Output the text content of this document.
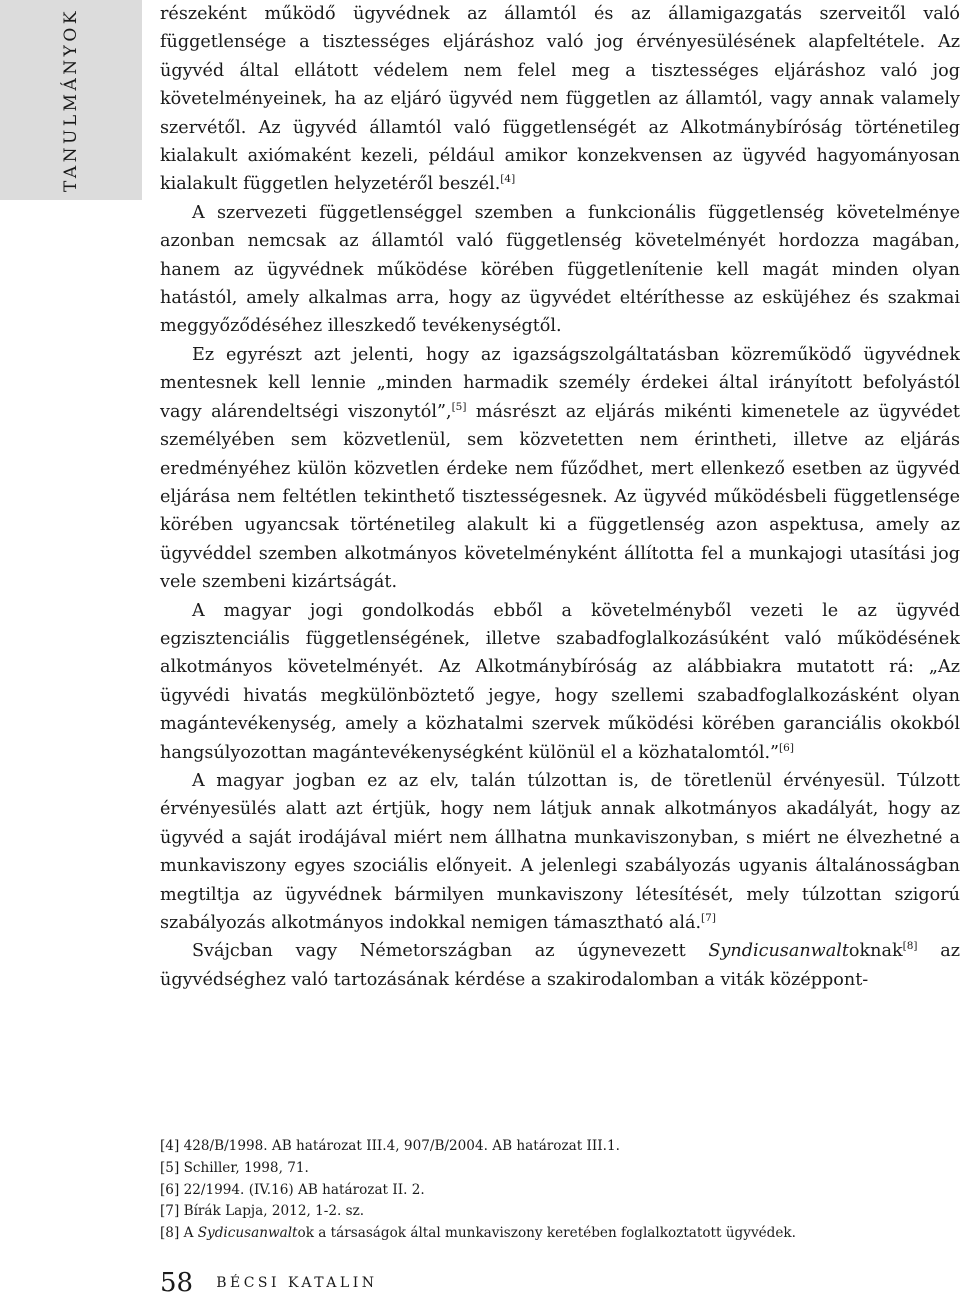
TANULMÁNYOK	részeként működő ügyvédnek az államtól és az államigazgatás szerveitől való függetlensége a tisztességes eljáráshoz való jog érvényesülésének alapfeltétele. Az ügyvéd által ellátott védelem nem felel meg a tisztességes eljáráshoz való jog követelményeinek, ha az eljáró ügyvéd nem független az államtól, vagy annak valamely szervétől. Az ügyvéd államtól való függetlenségét az Alkotmánybíróság történetileg kialakult axiómaként kezeli, például amikor konzekvensen az ügyvéd hagyományosan kialakult független helyzetéről beszél.[4]

A szervezeti függetlenséggel szemben a funkcionális függetlenség követelménye azonban nemcsak az államtól való függetlenség követelményét hordozza magában, hanem az ügyvédnek működése körében függetlenítenie kell magát minden olyan hatástól, amely alkalmas arra, hogy az ügyvédet eltéríthesse az esküjéhez és szakmai meggyőződéséhez illeszkedő tevékenységtől.

Ez egyrészt azt jelenti, hogy az igazságszolgáltatásban közreműködő ügyvédnek mentesnek kell lennie „minden harmadik személy érdekei által irányított befolyástól vagy alárendeltségi viszonytól”,[5] másrészt az eljárás mikénti kimenetele az ügyvédet személyében sem közvetlenül, sem közvetetten nem érintheti, illetve az eljárás eredményéhez külön közvetlen érdeke nem fűződhet, mert ellenkező esetben az ügyvéd eljárása nem feltétlen tekinthető tisztességesnek. Az ügyvéd működésbeli függetlensége körében ugyancsak történetileg alakult ki a függetlenség azon aspektusa, amely az ügyvéddel szemben alkotmányos követelményként állította fel a munkajogi utasítási jog vele szembeni kizártságát.

A magyar jogi gondolkodás ebből a követelményből vezeti le az ügyvéd egzisztenciális függetlenségének, illetve szabadfoglalkozásúként való működésének alkotmányos követelményét. Az Alkotmánybíróság az alábbiakra mutatott rá: „Az ügyvédi hivatás megkülönböztető jegye, hogy szellemi szabadfoglalkozásként olyan magántevékenység, amely a közhatalmi szervek működési körében garanciális okokból hangsúlyozottan magántevékenységként különül el a közhatalomtól.”[6]

A magyar jogban ez az elv, talán túlzottan is, de töretlenül érvényesül. Túlzott érvényesülés alatt azt értjük, hogy nem látjuk annak alkotmányos akadályát, hogy az ügyvéd a saját irodájával miért nem állhatna munkaviszonyban, s miért ne élvezhetné a munkaviszony egyes szociális előnyeit. A jelenlegi szabályozás ugyanis általánosságban megtiltja az ügyvédnek bármilyen munkaviszony létesítését, mely túlzottan szigorú szabályozás alkotmányos indokkal nemigen támasztható alá.[7]

Svájcban vagy Németországban az úgynevezett Syndicusanwaltoknak[8] az ügyvédséghez való tartozásának kérdése a szakirodalomban a viták középpont-

[4] 428/B/1998. AB határozat III.4, 907/B/2004. AB határozat III.1.
[5] Schiller, 1998, 71.
[6] 22/1994. (IV.16) AB határozat II. 2.
[7] Bírák Lapja, 2012, 1-2. sz.
[8] A Sydicusanwaltok a társaságok által munkaviszony keretében foglalkoztatott ügyvédek.
58 BÉCSI KATALIN
